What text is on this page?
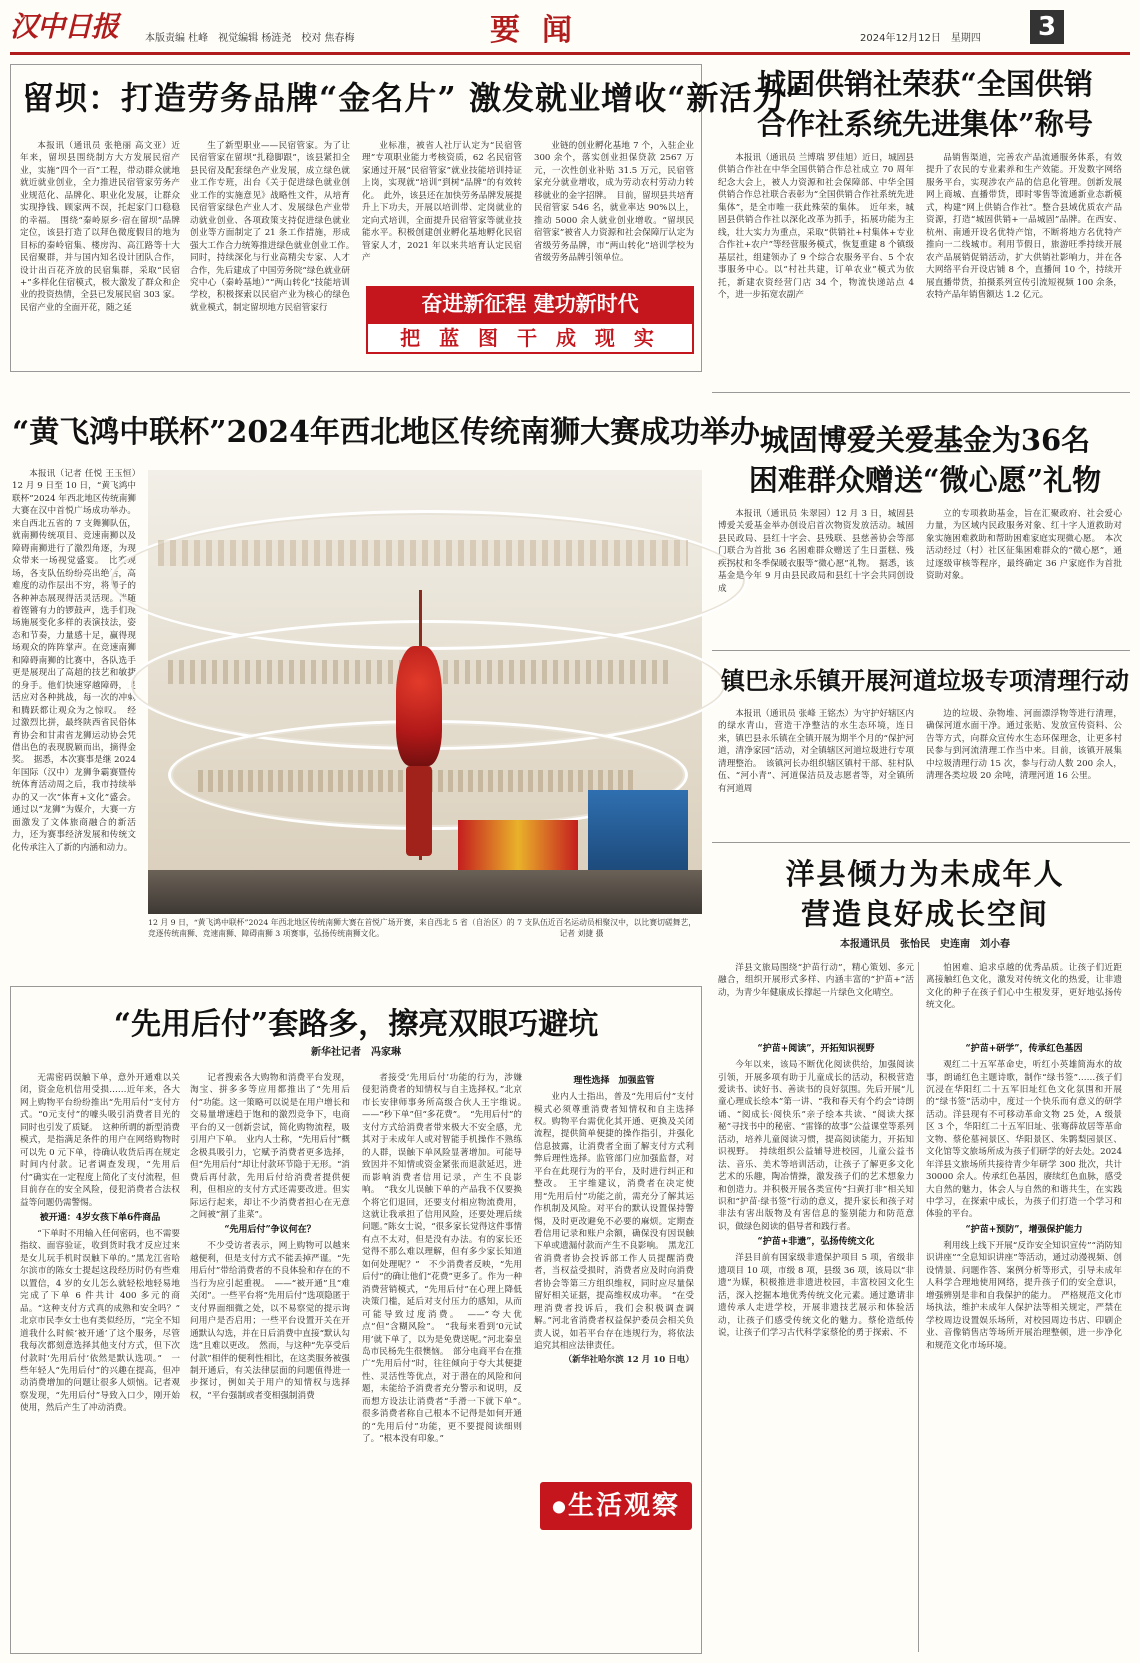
汉中日报	本版责编 杜峰　视觉编辑 杨涟尧　校对 焦春梅	要闻	2024年12月12日　星期四	3
留坝：打造劳务品牌“金名片” 激发就业增收“新活力”

本报讯（通讯员 张艳丽 高文亚）近年来，留坝县围绕制方大方发展民宿产业，实施“四个一百”工程，带动群众就地就近就业创业，全力推进民宿管家劳务产业规范化、品牌化、职业化发展，让群众实现挣钱、顾家两不误，托起家门口稳稳的幸福。　围绕“秦岭原乡·宿在留坝”品牌定位，该县打造了以拜色微度假目的地为目标的秦岭宿集、楼房沟、高江路等十大民宿聚群，并与国内知名设计团队合作，设计出百花齐放的民宿集群，采取“民宿+”多样化住宿模式，极大激发了群众和企业的投资热情，全县已发展民宿 303 家。民宿产业的全面开花，随之延

生了新型职业——民宿管家。为了让民宿管家在留坝“扎稳脚跟”，该县紧扣全县民宿及配套绿色产业发展，成立绿色就业工作专班，出台《关于促进绿色就业创业工作的实施意见》战略性文件，从培育民宿管家绿色产业人才、发展绿色产业带动就业创业、各项政策支持促进绿色就业创业等方面制定了 21 条工作措施，形成强大工作合力统筹推进绿色就业创业工作。　同时，持续深化与行业高精尖专家、人才合作，先后建成了中国劳务院“绿色就业研究中心（秦岭基地）”“两山转化”技能培训学校，积极探索以民宿产业为核心的绿色就业模式，制定留坝地方民宿管家行

业标准，被省人社厅认定为“民宿管理”专项职业能力考核资质，62 名民宿管家通过开展“民宿管家”就业技能培训持证上岗，实现就“培训”到树“品牌”的有效转化。　此外，该县还在加快劳务品牌发展提升上下功夫，开展以培训带、定岗就业的定向式培训，全面提升民宿管家等就业技能水平。积极创建创业孵化基地孵化民宿管家人才，2021 年以来共培育认定民宿产

业链的创业孵化基地 7 个，入驻企业 300 余个，落实创业担保贷款 2567 万元，一次性创业补贴 31.5 万元，民宿管家充分就业增收，成为劳动农村劳动力转移就业的金字招牌。　目前，留坝县共培育民宿管家 546 名，就业率达 90%以上，推动 5000 余人就业创业增收。“留坝民宿管家”被省人力资源和社会保障厅认定为省级劳务品牌，市“两山转化”培训学校为省级劳务品牌引领单位。

奋进新征程 建功新时代
把 蓝 图 干 成 现 实
城固供销社荣获“全国供销
合作社系统先进集体”称号

本报讯（通讯员 兰博瑞 罗佳旭）近日，城固县供销合作社在中华全国供销合作总社成立 70 周年纪念大会上，被人力资源和社会保障部、中华全国供销合作总社联合表彰为“全国供销合作社系统先进集体”，是全市唯一获此殊荣的集体。　近年来，城固县供销合作社以深化改革为抓手，拓展功能为主线，壮大实力为重点，采取“供销社+村集体+专业合作社+农户”等经营服务模式，恢复重建 8 个镇级基层社，组建领办了 9 个综合农服务平台、5 个农事服务中心。以“村社共建，订单农业”模式为依托，新建农资经营门店 34 个，物流快递站点 4 个，进一步拓宽农副产

品销售渠道，完善农产品流通服务体系，有效提升了农民的专业素养和生产效能。开发数字网络服务平台，实现涉农产品的信息化管理。创新发展网上商城、直播带货，即时零售等流通新业态新模式，构建“网上供销合作社”。整合县域优质农产品资源，打造“城固供销+一品城固”品牌。在西安、杭州、南通开设名优特产馆，不断将地方名优特产推向一二线城市。利用节假日，旅游旺季持续开展农产品展销促销活动，扩大供销社影响力，并在各大网络平台开设店铺 8 个，直播间 10 个，持续开展直播带货，拍摄系列宣传引流短视频 100 余条，农特产品年销售额达 1.2 亿元。

“黄飞鸿中联杯”2024年西北地区传统南狮大赛成功举办

本报讯（记者 任悦 王玉恒）12 月 9 日至 10 日，“黄飞鸿中联杯”2024 年西北地区传统南狮大赛在汉中首悦广场成功举办。来自西北五省的 7 支舞狮队伍，就南狮传统项目、竞速南狮以及障碍南狮进行了激烈角逐，为现众带来一场视觉盛宴。　比赛现场，各支队伍纷纷亮出绝活，高难度的动作层出不穷，将狮子的各种神态展现得活灵活现。伴随着铿锵有力的锣鼓声，选手们现场施展变化多样的表演技法，姿态和节奏，力量感十足，赢得现场观众的阵阵掌声。在竞速南狮和障碍南狮的比赛中，各队选手更是展现出了高超的技艺和敏捷的身手。他们快速穿越障碍，灵活应对各种挑战，每一次的冲刺和腾跃都让观众为之惊叹。　经过激烈比拼，最终陕西省民俗体育协会和甘肃省龙狮运动协会凭借出色的表现脱颖而出，摘得金奖。　据悉，本次赛事是继 2024 年国际（汉中）龙狮争霸赛暨传统体育活动周之后，我市持续举办的又一次“体育+文化”盛会。通过以“龙狮”为媒介，大赛一方面激发了文体旅商融合的新活力，还为赛事经济发展和传统文化传承注入了新的内涵和动力。

12 月 9 日，“黄飞鸿中联杯”2024 年西北地区传统南狮大赛在首悦广场开赛，来自西北 5 省（自治区）的 7 支队伍近百名运动员相聚汉中，以比赛切磋舞艺，竞逐传统南狮、竞速南狮、障碍南狮 3 项赛事，弘扬传统南狮文化。　　　　　　　　　　　　　　　　　　　　　　　记者 刘捷 摄
城固博爱关爱基金为36名
困难群众赠送“微心愿”礼物

本报讯（通讯员 朱翠园）12 月 3 日，城固县博爱关爱基金举办创设启首次物资发放活动。城固县民政局、县红十字会、县残联、县慈善协会等部门联合为首批 36 名困难群众赠送了生日蛋糕、残疾拐杖和冬季保暖衣服等“微心愿”礼物。　据悉，该基金是今年 9 月由县民政局和县红十字会共同创设成

立的专项救助基金，旨在汇聚政府、社会爱心力量，为区域内民政服务对象、红十字人道救助对象实施困难救助和帮助困难家庭实现微心愿。　本次活动经过（村）社区征集困难群众的“微心愿”，通过逐级审核等程序，最终确定 36 户家庭作为首批资助对象。

镇巴永乐镇开展河道垃圾专项清理行动

本报讯（通讯员 张峰 王铭杰）为守护好辖区内的绿水青山，营造干净整洁的水生态环境，连日来，镇巴县永乐镇在全镇开展为期半个月的“保护河道，清净家园”活动，对全镇辖区河道垃圾进行专项清理整治。　该镇河长办组织辖区镇村干部、驻村队伍、“河小青”、河道保洁员及志愿者等，对全镇所有河道周

边的垃圾、杂物堆、河面漂浮物等进行清理，确保河道水面干净。通过张贴、发放宣传资料、公告等方式，向群众宣传水生态环保理念，让更多村民参与到河流清理工作当中来。目前，该镇开展集中垃圾清理行动 15 次，参与行动人数 200 余人，清理各类垃圾 20 余吨，清理河道 16 公里。

洋县倾力为未成年人
营造良好成长空间
本报通讯员　张怡民　史连南　刘小春

洋县文旅局围绕“护苗行动”，精心策划、多元融合，组织开展形式多样、内涵丰富的“护苗+”活动，为青少年健康成长撑起一片绿色文化晴空。

怕困难、追求卓越的优秀品质。让孩子们近距离接触红色文化，激发对传统文化的热爱，让非遗文化的种子在孩子们心中生根发芽，更好地弘扬传统文化。

“护苗+阅读”，开拓知识视野

今年以来，该局不断优化阅读供给，加强阅读引领，开展多项有助于儿童成长的活动，积极营造爱读书、读好书、善读书的良好氛围。先后开展“儿童心理成长绘本”第一讲、“我和春天有个约会”诗朗诵、“阅成长·阅快乐”亲子绘本共读、“阅读大探秘”寻找书中的秘密、“雷锋的故事”公益课堂等系列活动，培养儿童阅读习惯，提高阅读能力，开拓知识视野。　持续组织公益辅导进校园，儿童公益书法、音乐、美术等培训活动，让孩子了解更多文化艺术的乐趣，陶冶情操，激发孩子们的艺术想象力和创造力。并积极开展各类宣传“扫黄打非”相关知识和“护苗·绿书签”行动的意义，提升家长和孩子对非法有害出版物及有害信息的鉴别能力和防范意识，做绿色阅读的倡导者和践行者。

“护苗+非遗”，弘扬传统文化

洋县目前有国家级非遗保护项目 5 项，省级非遗项目 10 项，市级 8 项，县级 36 项，该局以“非遗”为媒，积极推进非遗进校园，丰富校园文化生活，深入挖掘本地优秀传统文化元素。通过邀请非遗传承人走进学校，开展非遗技艺展示和体验活动，让孩子们感受传统文化的魅力。蔡伦造纸传说，让孩子们学习古代科学家蔡伦的勇于探索、不

“护苗+研学”，传承红色基因

观红二十五军革命史，听红小英雄简海水的故事，朗诵红色主题诗歌，制作“绿书签”……孩子们沉浸在华阳红二十五军旧址红色文化氛围和开展的“绿书签”活动中，度过一个快乐而有意义的研学活动。洋县现有不可移动革命文物 25 处，A 级景区 3 个，华阳红二十五军旧址、张骞薛故居等革命文物、蔡伦墓祠景区、华阳景区、朱鹮梨园景区、文化馆等文旅场所成为孩子们研学的好去处。2024 年洋县文旅场所共接待青少年研学 300 批次，共计 30000 余人。传承红色基因，赓续红色血脉，感受大自然的魅力，体会人与自然的和谐共生，在实践中学习，在探索中成长，为孩子们打造一个学习和体验的平台。

“护苗+预防”，增强保护能力

利用线上线下开展“反诈安全知识宣传”“消防知识讲座”“全息知识讲座”等活动，通过动漫视频、创设情景、问题作答、案例分析等形式，引导未成年人科学合理地使用网络，提升孩子们的安全意识，增强辨别是非和自我保护的能力。　严格规范文化市场执法，维护未成年人保护法等相关规定，严禁在学校周边设置娱乐场所，对校园周边书店、印刷企业、音像销售店等场所开展治理整顿，进一步净化和规范文化市场环境。

“先用后付”套路多，擦亮双眼巧避坑
新华社记者　冯家琳

无需密码误触下单，意外开通难以关闭，资金危机信用受损……近年来，各大网上购物平台纷纷推出“先用后付”支付方式。“0元支付”的噱头吸引消费者目光的同时也引发了质疑。　这种所谓的新型消费模式，是指满足条件的用户在网络购物时可以先 0 元下单，待确认收货后再在规定时间内付款。记者调查发现，“先用后付”确实在一定程度上简化了支付流程，但目前存在的安全风险，侵犯消费者合法权益等问题仍需警惕。

被开通：4岁女孩下单6件商品

“下单时不用输入任何密码，也不需要指纹、面容验证，收到货时我才反应过来是女儿玩手机时误触下单的。”黑龙江省哈尔滨市的陈女士提起这段经历时仍有些难以置信，4 岁的女儿怎么就轻松地轻易地完成了下单 6 件共计 400 多元的商品。“这种支付方式真的成熟和安全吗？”　北京市民李女士也有类似经历，“完全不知道我什么时候‘被开通’了这个服务，尽管我每次都刻意选择其他支付方式，但下次付款时‘先用后付’依然是默认选项。”　一些年轻人“先用后付”的兴趣在提高，但冲动消费增加的问题让很多人烦恼。记者观察发现，“先用后付”导致入口少，刚开始使用，然后产生了冲动消费。

记者搜索各大购物和消费平台发现，淘宝、拼多多等应用都推出了“先用后付”功能。这一策略可以说是在用户增长和交易量增速趋于饱和的激烈竞争下，电商平台的又一创新尝试，简化购物流程，吸引用户下单。　业内人士称，“先用后付”概念极具吸引力，它赋予消费者更多选择，但“先用后付”却让付款环节隐于无形。“消费后再付款，先用后付给消费者提供便利，但相应的支付方式还需要改进。但实际运行起来，却让不少消费者担心在无意之间被“割了韭菜”。

“先用后付”争议何在？

不少受访者表示，网上购物可以越来越便利，但是支付方式不能丢掉严谨。“先用后付”带给消费者的不良体验和存在的不当行为应引起重视。　——“被开通”且“难关闭”。一些平台将“先用后付”选项隐匿于支付界面细微之处，以不易察觉的提示询问用户是否启用；一些平台设置开关在开通默认勾选，并在日后消费中直接“默认勾选”且难以更改。　然而，与这种“先享受后付款”相伴的便利性相比，在这类服务被强制开通后，有关法律层面的问题值得进一步探讨，例如关于用户的知情权与选择权，“平台强制或者变相强制消费

者接受‘先用后付’功能的行为，涉嫌侵犯消费者的知情权与自主选择权。”北京市长安律师事务所高级合伙人王宇维说。　——“秒下单”但“多花费”。　“先用后付”的支付方式给消费者带来极大不安全感，尤其对于未成年人或对智能手机操作不熟练的人群，误触下单风险显著增加。可能导致因并不知情或资金紧张而退款延迟，进而影响消费者信用记录，产生不良影响。　“我女儿误触下单的产品我不仅要换个将它们退回，还要支付相应物流费用，这就让我承担了信用风险，还要处理后续问题。”陈女士说，“很多家长觉得这件事情有点不太对，但是没有办法。有的家长还觉得不那么难以理解，但有多少家长知道如何处理呢？”　不少消费者反映，“先用后付”的确让他们“花费”更多了。作为一种消费营销模式，“先用后付”在心理上降低决策门槛，延后对支付压力的感知，从而可能导致过度消费。　——“夸大优点”但“含糊风险”。　“我每来看到‘0元试用’就下单了，以为是免费送呢。”河北秦皇岛市民杨先生很懊恼。　部分电商平台在推广“先用后付”时，往往倾向于夸大其便捷性、灵活性等优点，对于潜在的风险和问题，未能给予消费者充分警示和说明，反而想方设法让消费者“手滑一下就下单”。　很多消费者称自己根本不记得是如何开通的“先用后付”功能，更不要提阅读细则了。“根本没有印象。”

理性选择　加强监管

业内人士指出，普及“先用后付”支付模式必须尊重消费者知情权和自主选择权。购物平台需优化其开通、更换及关闭流程，提供简单便捷的操作指引，并强化信息披露，让消费者全面了解支付方式利弊后理性选择。监管部门应加强监督，对平台在此现行为的平台，及时进行纠正和整改。　王宇维建议，消费者在决定使用“先用后付”功能之前，需充分了解其运作机制及风险。对平台的默认设置保持警惕，及时更改避免不必要的麻烦。定期查看信用记录和账户余额，确保没有因误触下单或遗漏付款而产生不良影响。　黑龙江省消费者协会投诉部工作人员提醒消费者，当权益受损时，消费者应及时向消费者协会等第三方组织维权，同时应尽量保留好相关证据，提高维权成功率。　“在受理消费者投诉后，我们会积极调查调解。”河北省消费者权益保护委员会相关负责人说，如若平台存在违规行为，将依法追究其相应法律责任。

（新华社哈尔滨 12 月 10 日电）
●生活观察
